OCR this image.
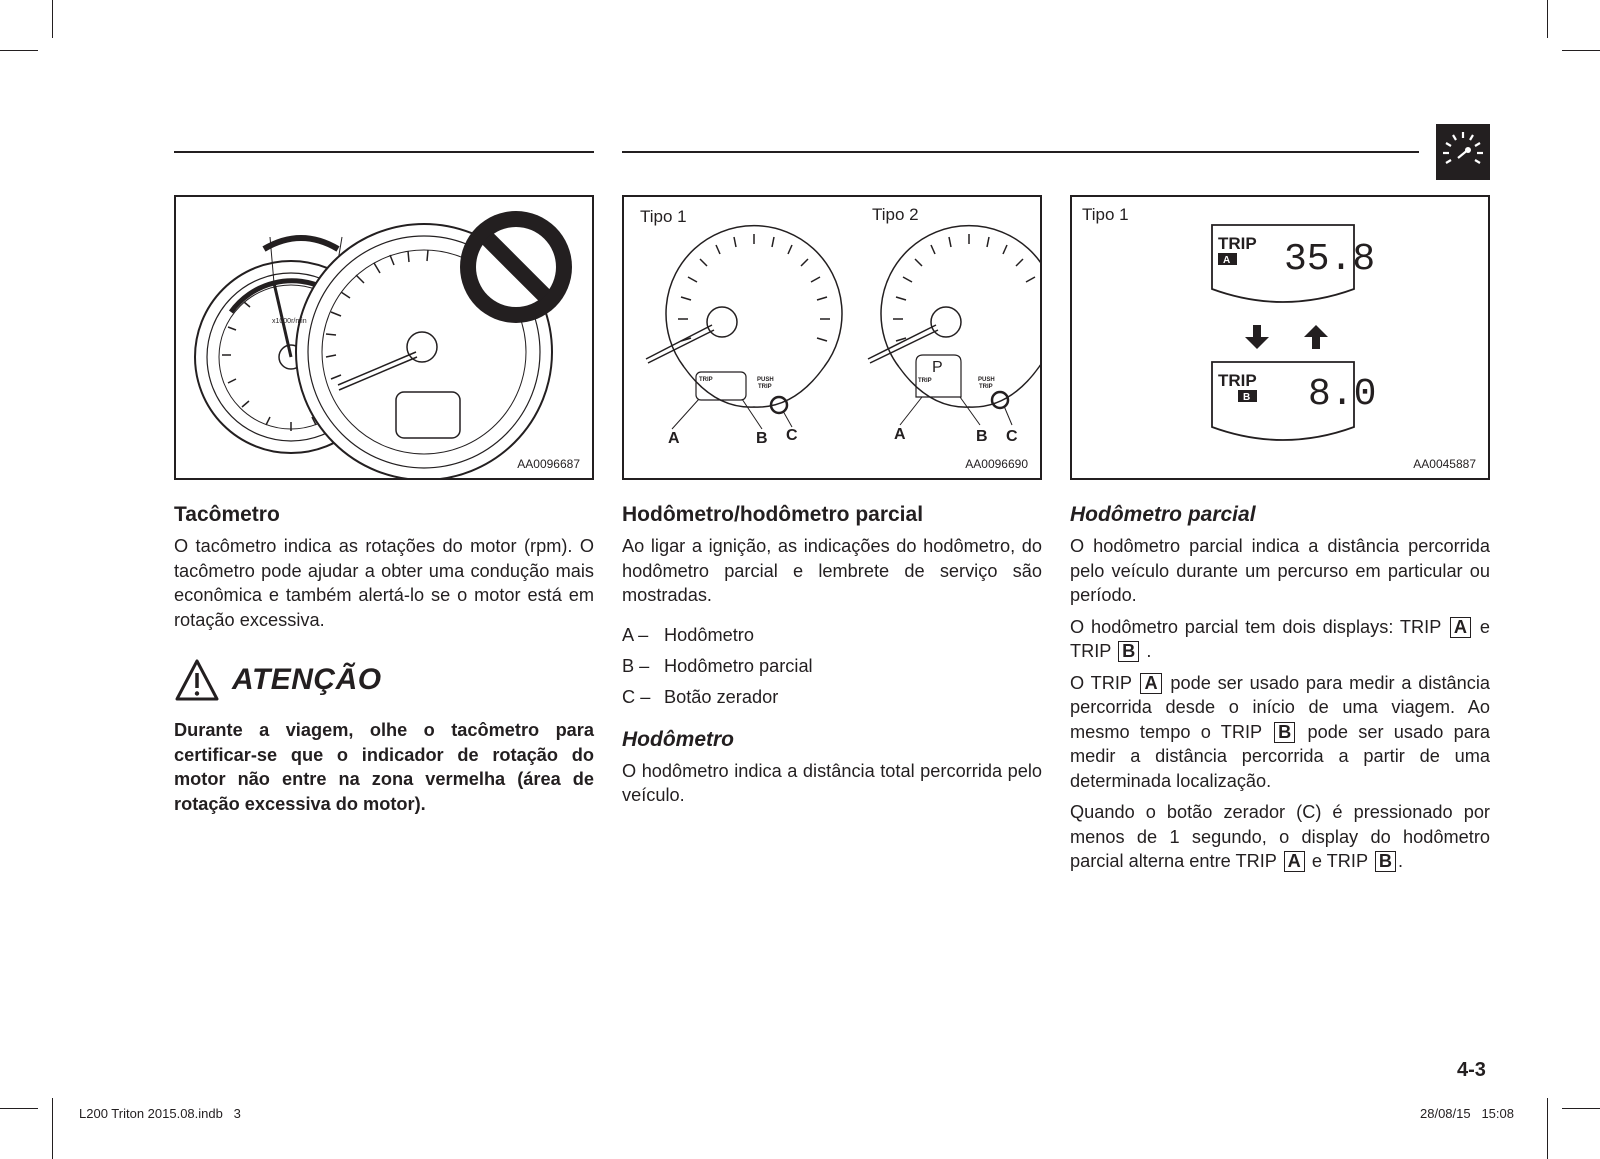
x1000r/min
AA0096687
Tipo 1	Tipo 2
TRIP	PUSH
TRIP
TRIP	PUSH
TRIP
P
A	B C	A	B C
AA0096690
Tipo 1
TRIP
A 35.8
TRIP
B 8.0
AA0045887
Tacômetro

O tacômetro indica as rotações do motor (rpm). O tacômetro pode ajudar a obter uma condução mais econômica e também alertá-lo se o motor está em rotação excessiva.

ATENÇÃO
Durante a viagem, olhe o tacômetro para certificar-se que o indicador de rotação do motor não entre na zona vermelha (área de rotação excessiva do motor).
Hodômetro/hodômetro parcial

Ao ligar a ignição, as indicações do hodômetro, do hodômetro parcial e lembrete de serviço são mostradas.

A – Hodômetro
B – Hodômetro parcial
C – Botão zerador
Hodômetro

O hodômetro indica a distância total percorrida pelo veículo.

Hodômetro parcial

O hodômetro parcial indica a distância percorrida pelo veículo durante um percurso em particular ou período.

O hodômetro parcial tem dois displays: TRIP A e TRIP B .

O TRIP A pode ser usado para medir a distância percorrida desde o início de uma viagem. Ao mesmo tempo o TRIP B pode ser usado para medir a distância percorrida a partir de uma determinada localização.

Quando o botão zerador (C) é pressionado por menos de 1 segundo, o display do hodômetro parcial alterna entre TRIP A e TRIP B .

4-3
L200 Triton 2015.08.indb   3	28/08/15   15:08
